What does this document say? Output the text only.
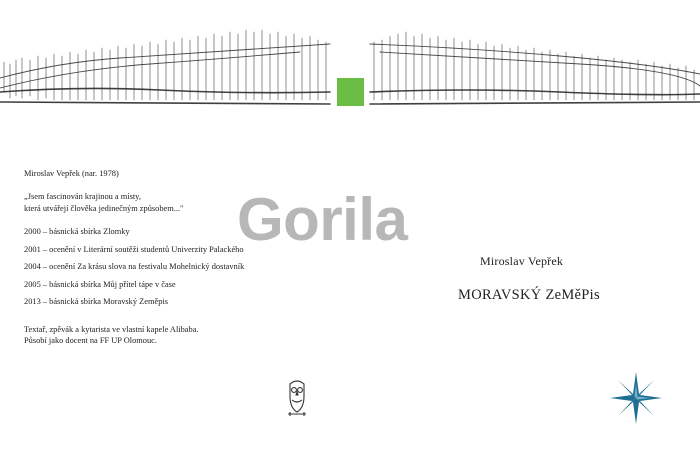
Miroslav Vepřek (nar. 1978)
„Jsem fascinován krajinou a místy,
která utvářejí člověka jedinečným způsobem..."
2000 – básnická sbírka Zlomky
2001 – ocenění v Literární soutěži studentů Univerzity Palackého
2004 – ocenění Za krásu slova na festivalu Mohelnický dostavník
2005 – básnická sbírka Můj přítel tápe v čase
2013 – básnická sbírka Moravský Zeměpis
Textař, zpěvák a kytarista ve vlastní kapele Alibaba.
Působí jako docent na FF UP Olomouc.
Miroslav Vepřek
MORAVSKÝ ZeMěPis
Gorila
·
